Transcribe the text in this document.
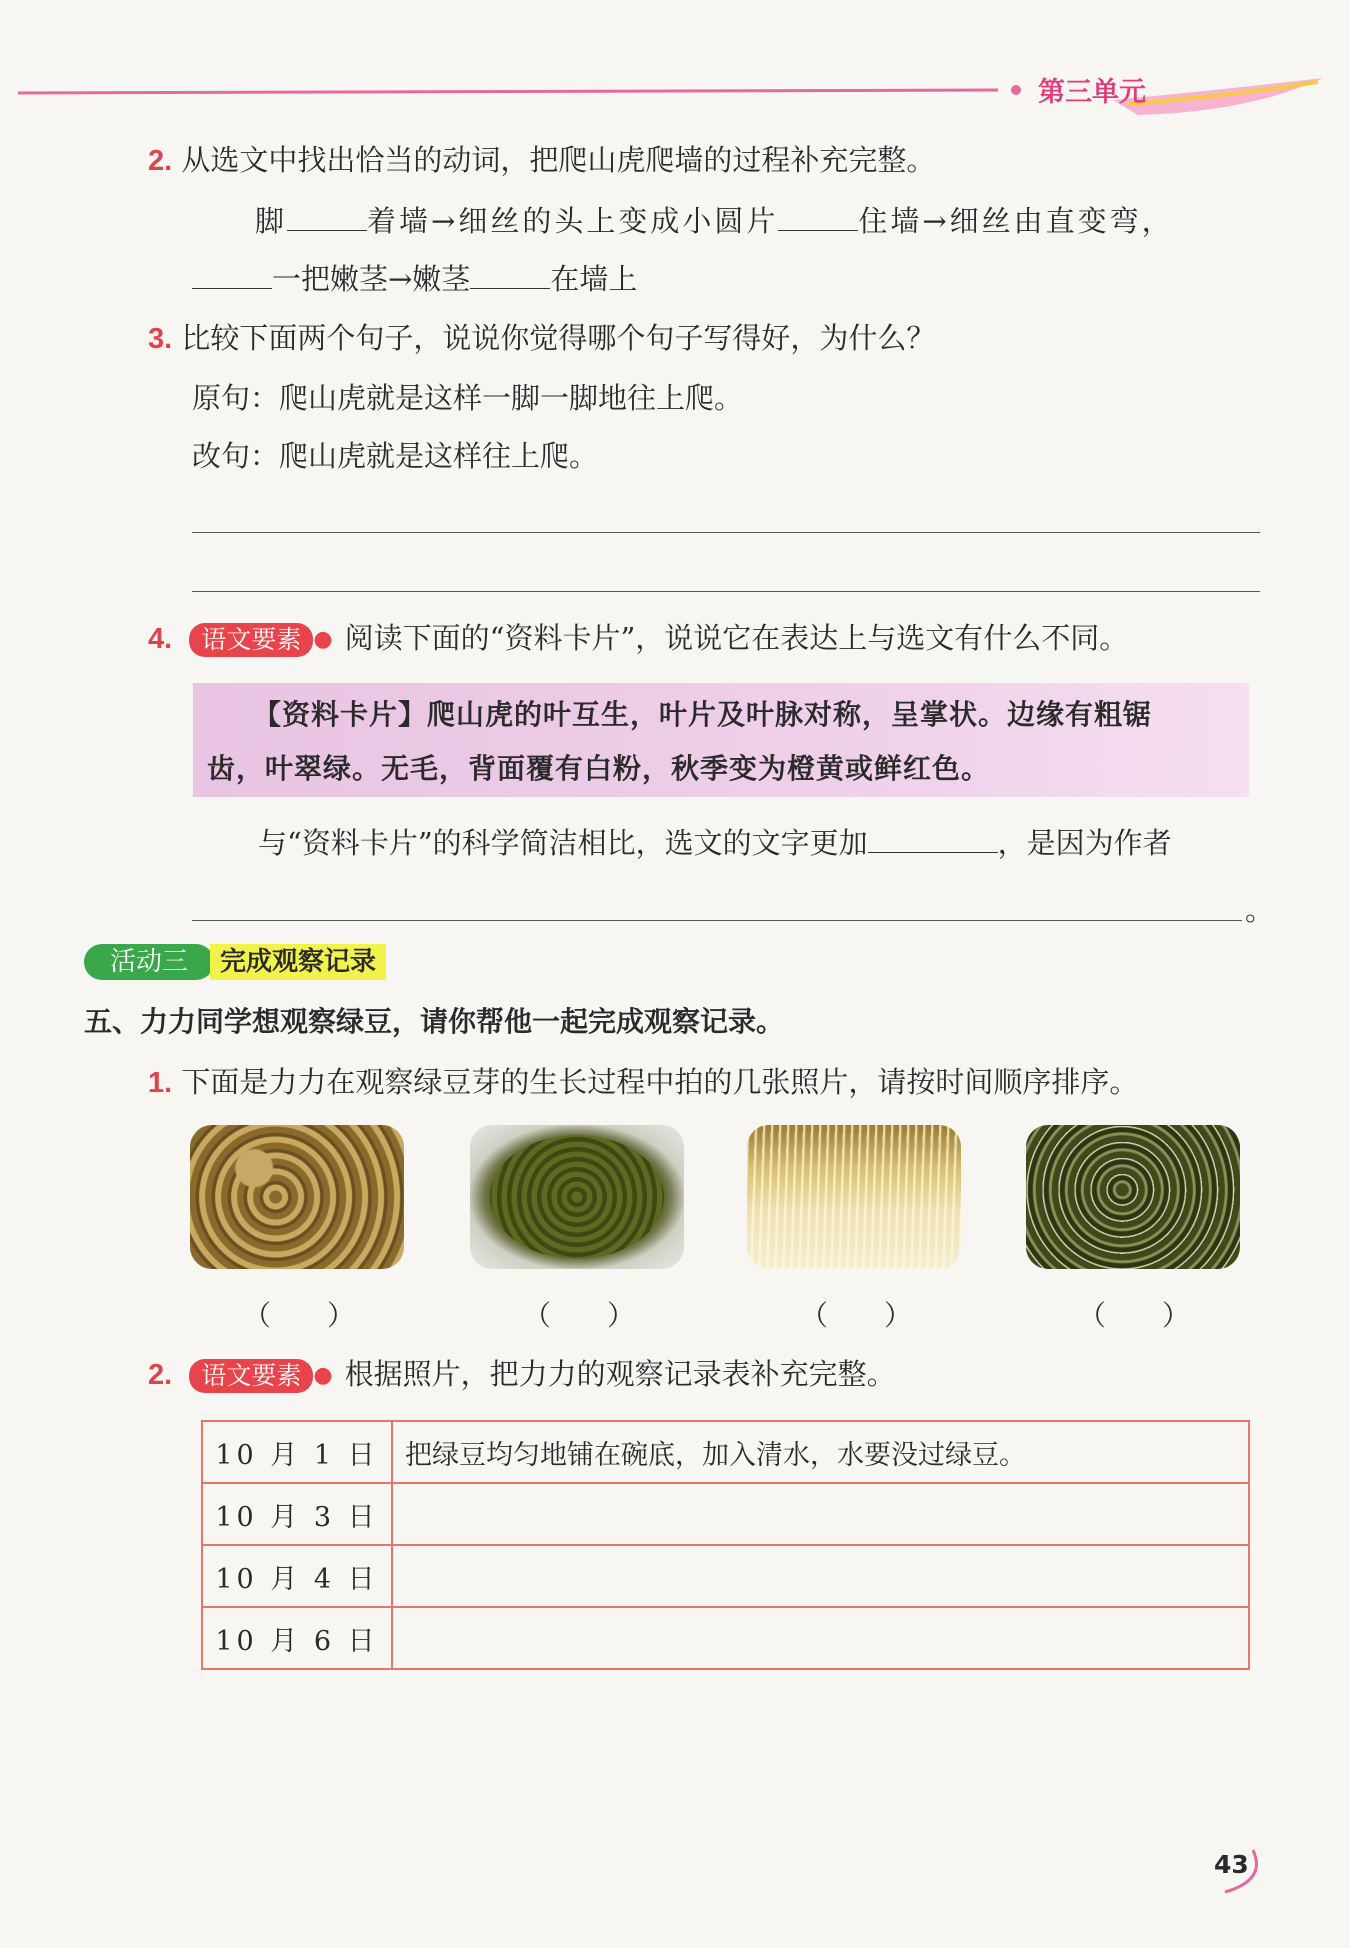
第三单元
2. 从选文中找出恰当的动词，把爬山虎爬墙的过程补充完整。
脚	着墙→细丝的头上变成小圆片	住墙→细丝由直变弯，
一把嫩茎→嫩茎	在墙上
3. 比较下面两个句子，说说你觉得哪个句子写得好，为什么？
原句：爬山虎就是这样一脚一脚地往上爬。
改句：爬山虎就是这样往上爬。
4. 语文要素 ● 阅读下面的“资料卡片”，说说它在表达上与选文有什么不同。
【资料卡片】爬山虎的叶互生，叶片及叶脉对称，呈掌状。边缘有粗锯
齿，叶翠绿。无毛，背面覆有白粉，秋季变为橙黄或鲜红色。
与“资料卡片”的科学简洁相比，选文的文字更加	，是因为作者
。
活动三	完成观察记录
五、力力同学想观察绿豆，请你帮他一起完成观察记录。
1. 下面是力力在观察绿豆芽的生长过程中拍的几张照片，请按时间顺序排序。
（　　）	（　　）	（　　）	（　　）
2. 语文要素 ● 根据照片，把力力的观察记录表补充完整。
10 月 1 日	把绿豆均匀地铺在碗底，加入清水，水要没过绿豆。
10 月 3 日	
10 月 4 日	
10 月 6 日	
43
